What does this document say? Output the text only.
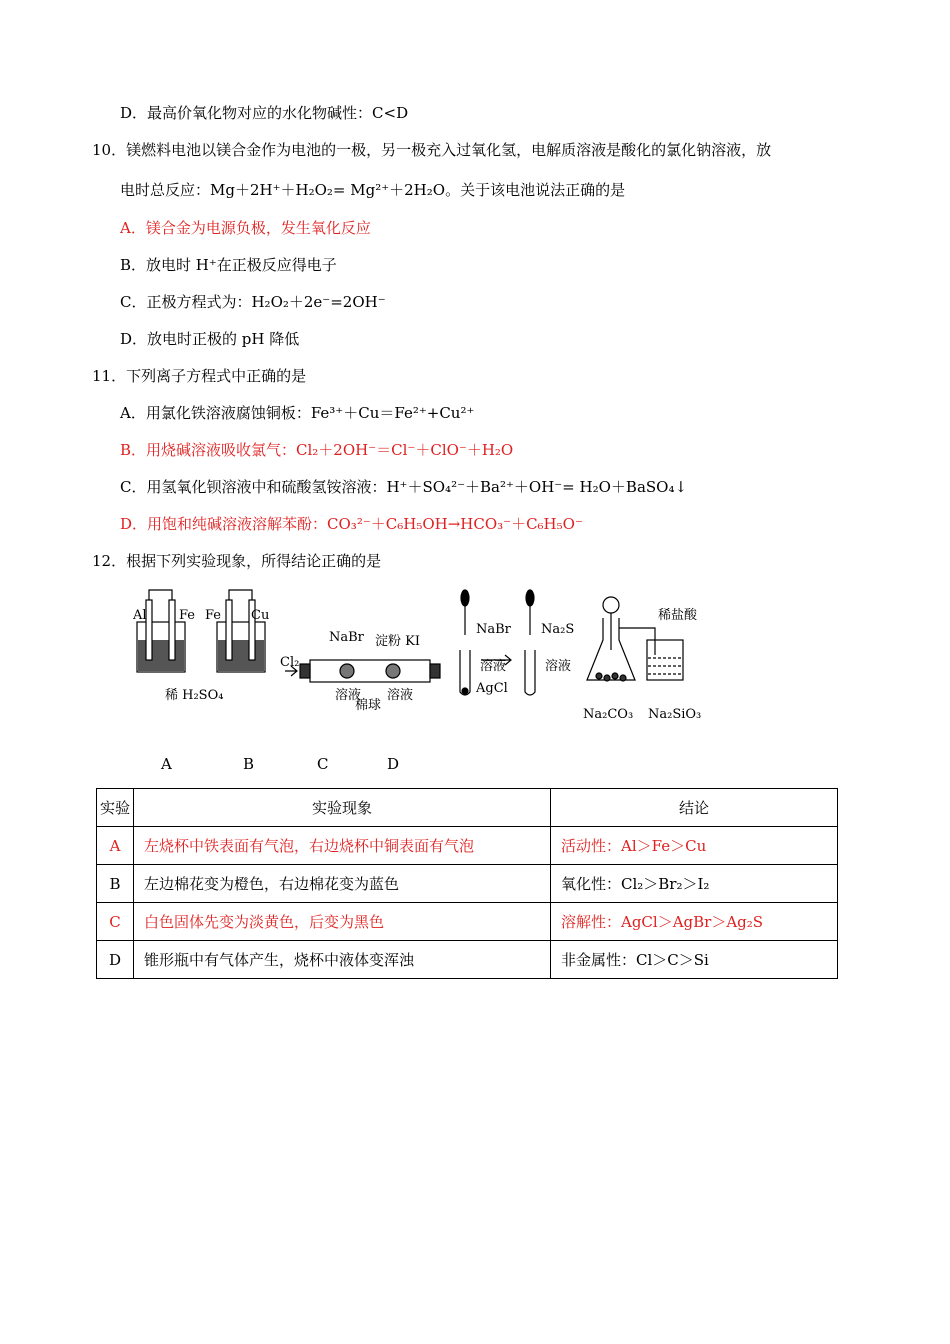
D．最高价氧化物对应的水化物碱性：C<D
10．镁燃料电池以镁合金作为电池的一极，另一极充入过氧化氢，电解质溶液是酸化的氯化钠溶液，放
电时总反应：Mg＋2H⁺＋H₂O₂= Mg²⁺＋2H₂O。关于该电池说法正确的是
A．镁合金为电源负极，发生氧化反应
B．放电时 H⁺在正极反应得电子
C．正极方程式为：H₂O₂＋2e⁻=2OH⁻
D．放电时正极的 pH 降低
11．下列离子方程式中正确的是
A．用氯化铁溶液腐蚀铜板：Fe³⁺＋Cu＝Fe²⁺+Cu²⁺
B．用烧碱溶液吸收氯气：Cl₂＋2OH⁻＝Cl⁻＋ClO⁻＋H₂O
C．用氢氧化钡溶液中和硫酸氢铵溶液：H⁺＋SO₄²⁻＋Ba²⁺＋OH⁻= H₂O＋BaSO₄↓
D．用饱和纯碱溶液溶解苯酚：CO₃²⁻＋C₆H₅OH→HCO₃⁻＋C₆H₅O⁻
12．根据下列实验现象，所得结论正确的是
Al Fe Fe Cu
稀 H₂SO₄
Cl₂
NaBr 淀粉 KI
溶液 溶液
棉球
NaBr
溶液
Na₂S
溶液
AgCl
稀盐酸
Na₂CO₃ Na₂SiO₃
A	B	C	D
实验	实验现象	结论
A	左烧杯中铁表面有气泡，右边烧杯中铜表面有气泡	活动性：Al＞Fe＞Cu
B	左边棉花变为橙色，右边棉花变为蓝色	氧化性：Cl₂＞Br₂＞I₂
C	白色固体先变为淡黄色，后变为黑色	溶解性：AgCl＞AgBr＞Ag₂S
D	锥形瓶中有气体产生，烧杯中液体变浑浊	非金属性：Cl＞C＞Si
